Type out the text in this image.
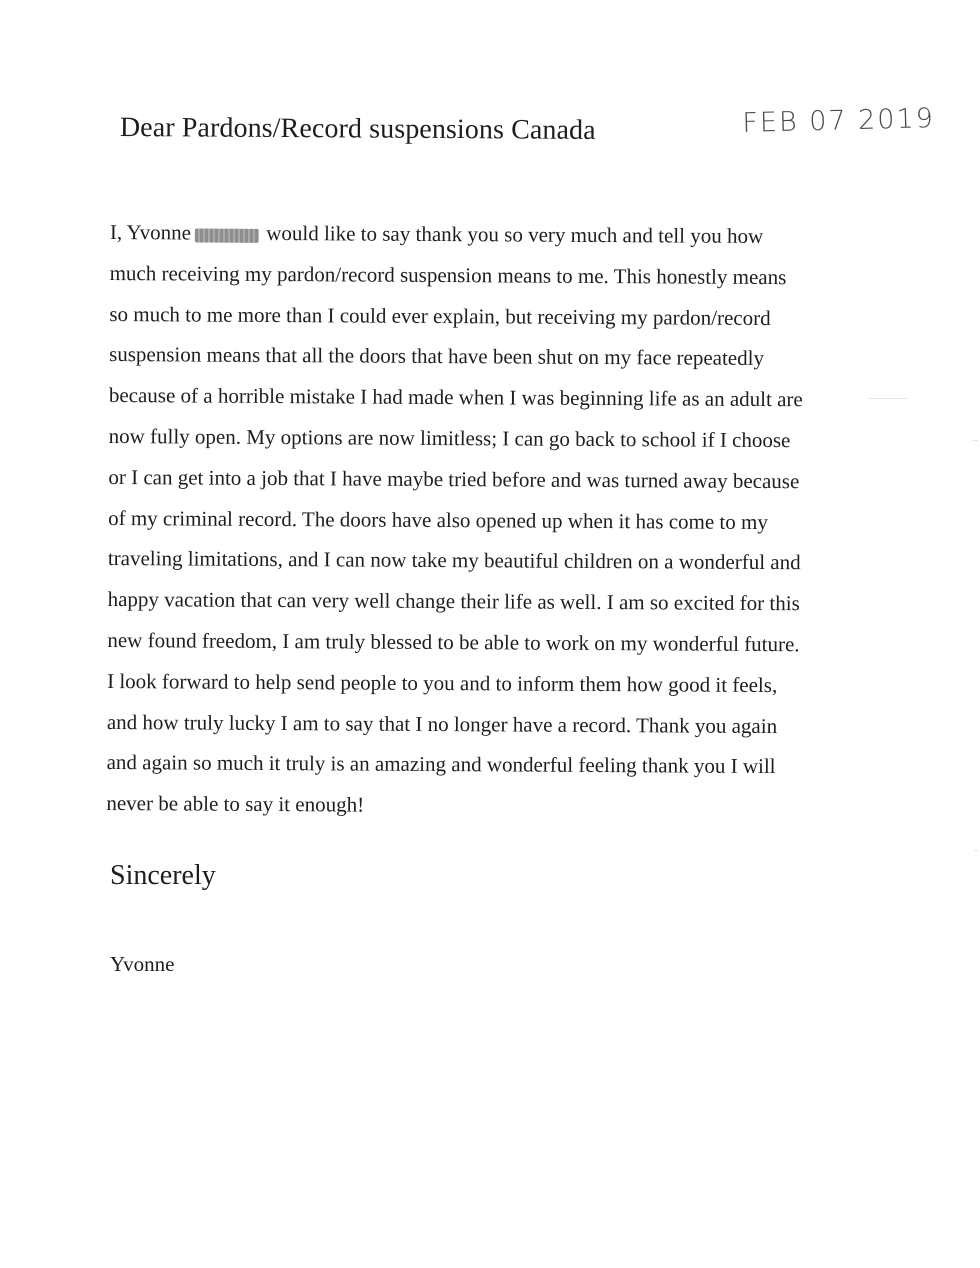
Dear Pardons/Record suspensions Canada	FEB 07 2019
I, Yvonne	would like to say thank you so very much and tell you how
much receiving my pardon/record suspension means to me. This honestly means
so much to me more than I could ever explain, but receiving my pardon/record
suspension means that all the doors that have been shut on my face repeatedly
because of a horrible mistake I had made when I was beginning life as an adult are
now fully open. My options are now limitless; I can go back to school if I choose
or I can get into a job that I have maybe tried before and was turned away because
of my criminal record. The doors have also opened up when it has come to my
traveling limitations, and I can now take my beautiful children on a wonderful and
happy vacation that can very well change their life as well. I am so excited for this
new found freedom, I am truly blessed to be able to work on my wonderful future.
I look forward to help send people to you and to inform them how good it feels,
and how truly lucky I am to say that I no longer have a record. Thank you again
and again so much it truly is an amazing and wonderful feeling thank you I will
never be able to say it enough!
Sincerely
Yvonne
